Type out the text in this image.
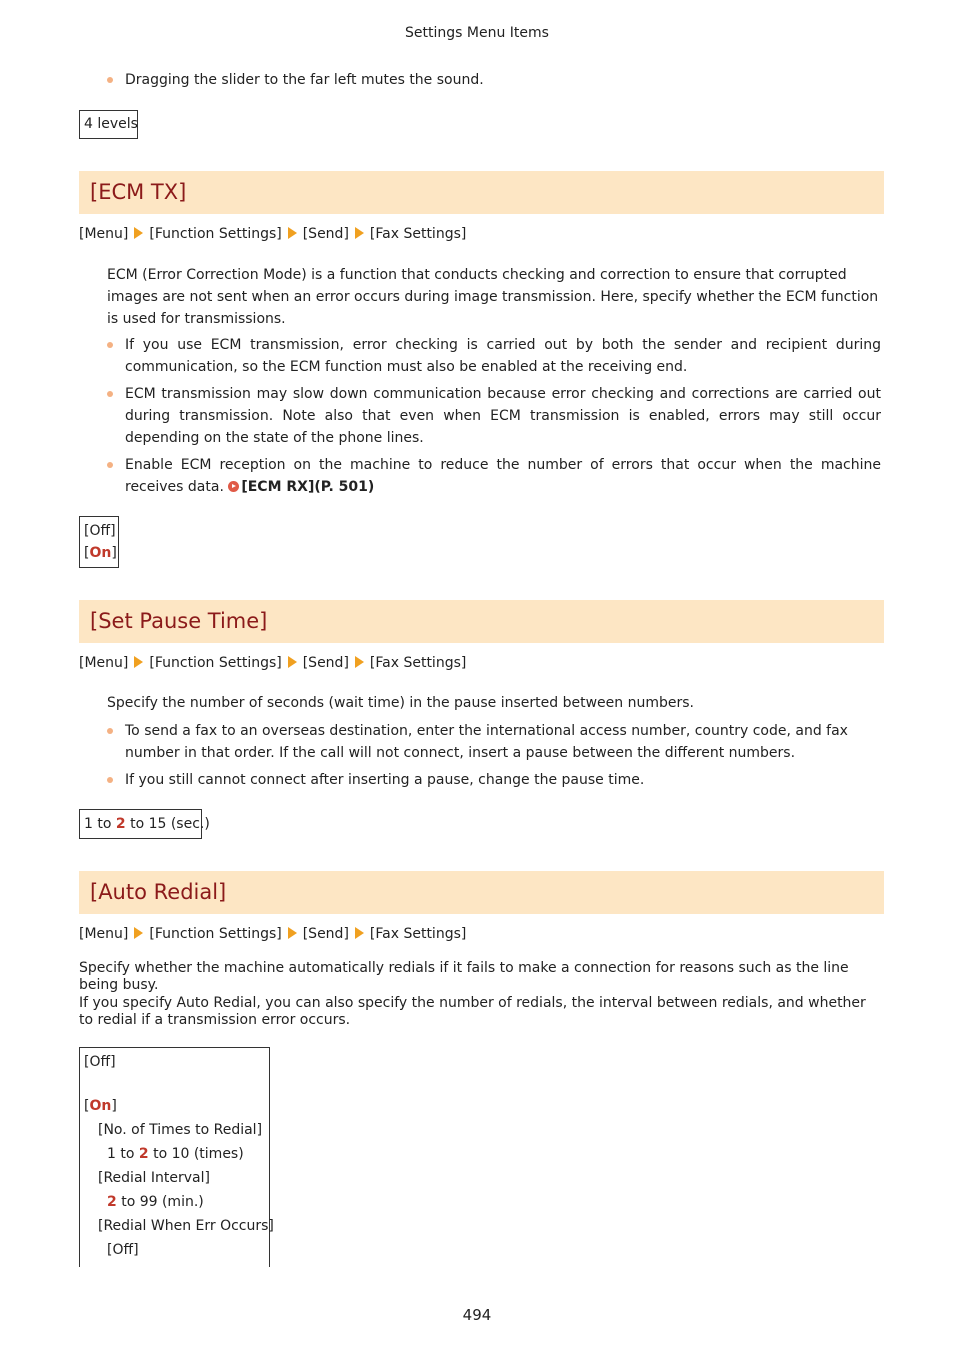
Settings Menu Items
Dragging the slider to the far left mutes the sound.
4 levels
[ECM TX]
[Menu] [Function Settings] [Send] [Fax Settings]
ECM (Error Correction Mode) is a function that conducts checking and correction to ensure that corrupted images are not sent when an error occurs during image transmission. Here, specify whether the ECM function is used for transmissions.
If you use ECM transmission, error checking is carried out by both the sender and recipient during communication, so the ECM function must also be enabled at the receiving end.
ECM transmission may slow down communication because error checking and corrections are carried out during transmission. Note also that even when ECM transmission is enabled, errors may still occur depending on the state of the phone lines.
Enable ECM reception on the machine to reduce the number of errors that occur when the machine receives data. [ECM RX](P. 501)
[Off]
[On]
[Set Pause Time]
[Menu] [Function Settings] [Send] [Fax Settings]
Specify the number of seconds (wait time) in the pause inserted between numbers.
To send a fax to an overseas destination, enter the international access number, country code, and fax number in that order. If the call will not connect, insert a pause between the different numbers.
If you still cannot connect after inserting a pause, change the pause time.
1 to 2 to 15 (sec.)
[Auto Redial]
[Menu] [Function Settings] [Send] [Fax Settings]
Specify whether the machine automatically redials if it fails to make a connection for reasons such as the line being busy.
If you specify Auto Redial, you can also specify the number of redials, the interval between redials, and whether to redial if a transmission error occurs.
[Off]
[On]
[No. of Times to Redial]
1 to 2 to 10 (times)
[Redial Interval]
2 to 99 (min.)
[Redial When Err Occurs]
[Off]
494
